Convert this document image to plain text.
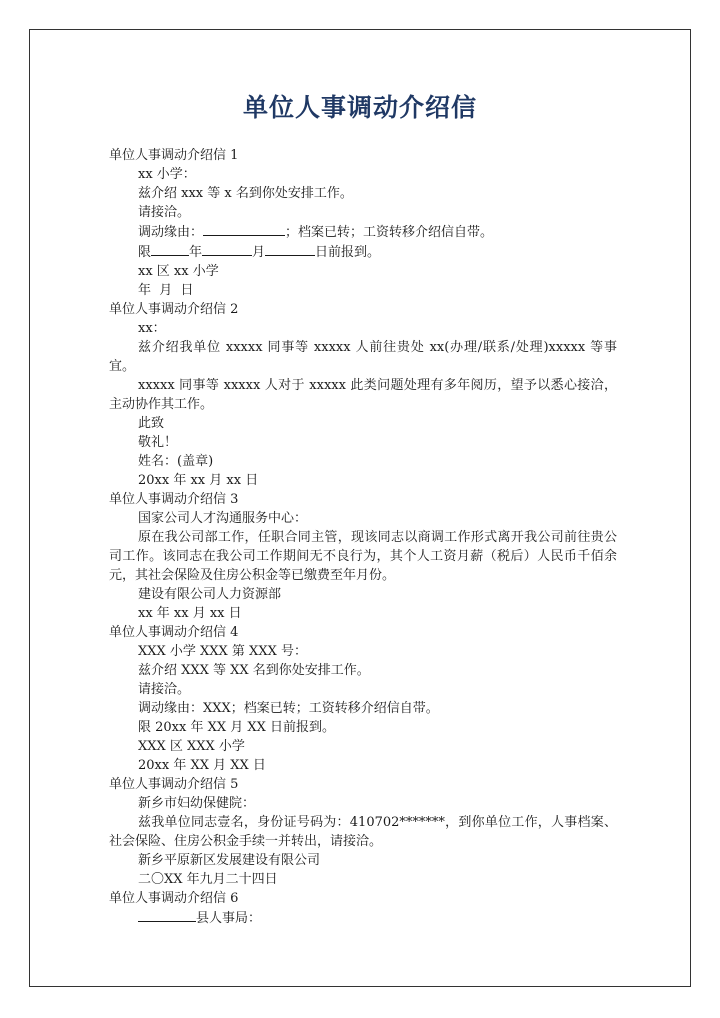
单位人事调动介绍信

单位人事调动介绍信 1

xx 小学：

兹介绍 xxx 等 x 名到你处安排工作。

请接洽。

调动缘由：	；档案已转；工资转移介绍信自带。

限	年	月	日前报到。

xx 区 xx 小学

年  月  日

单位人事调动介绍信 2

xx：

兹介绍我单位 xxxxx 同事等 xxxxx 人前往贵处 xx(办理/联系/处理)xxxxx 等事宜。

xxxxx 同事等 xxxxx 人对于 xxxxx 此类问题处理有多年阅历，望予以悉心接洽，主动协作其工作。

此致

敬礼！

姓名：(盖章)

20xx 年 xx 月 xx 日

单位人事调动介绍信 3

国家公司人才沟通服务中心：

原在我公司部工作，任职合同主管，现该同志以商调工作形式离开我公司前往贵公司工作。该同志在我公司工作期间无不良行为，其个人工资月薪（税后）人民币千佰余元，其社会保险及住房公积金等已缴费至年月份。

建设有限公司人力资源部

xx 年 xx 月 xx 日

单位人事调动介绍信 4

XXX 小学 XXX 第 XXX 号：

兹介绍 XXX 等 XX 名到你处安排工作。

请接洽。

调动缘由：XXX；档案已转；工资转移介绍信自带。

限 20xx 年 XX 月 XX 日前报到。

XXX 区 XXX 小学

20xx 年 XX 月 XX 日

单位人事调动介绍信 5

新乡市妇幼保健院：

兹我单位同志壹名，身份证号码为：410702*******，到你单位工作，人事档案、社会保险、住房公积金手续一并转出，请接洽。

新乡平原新区发展建设有限公司

二〇XX 年九月二十四日

单位人事调动介绍信 6

县人事局：
